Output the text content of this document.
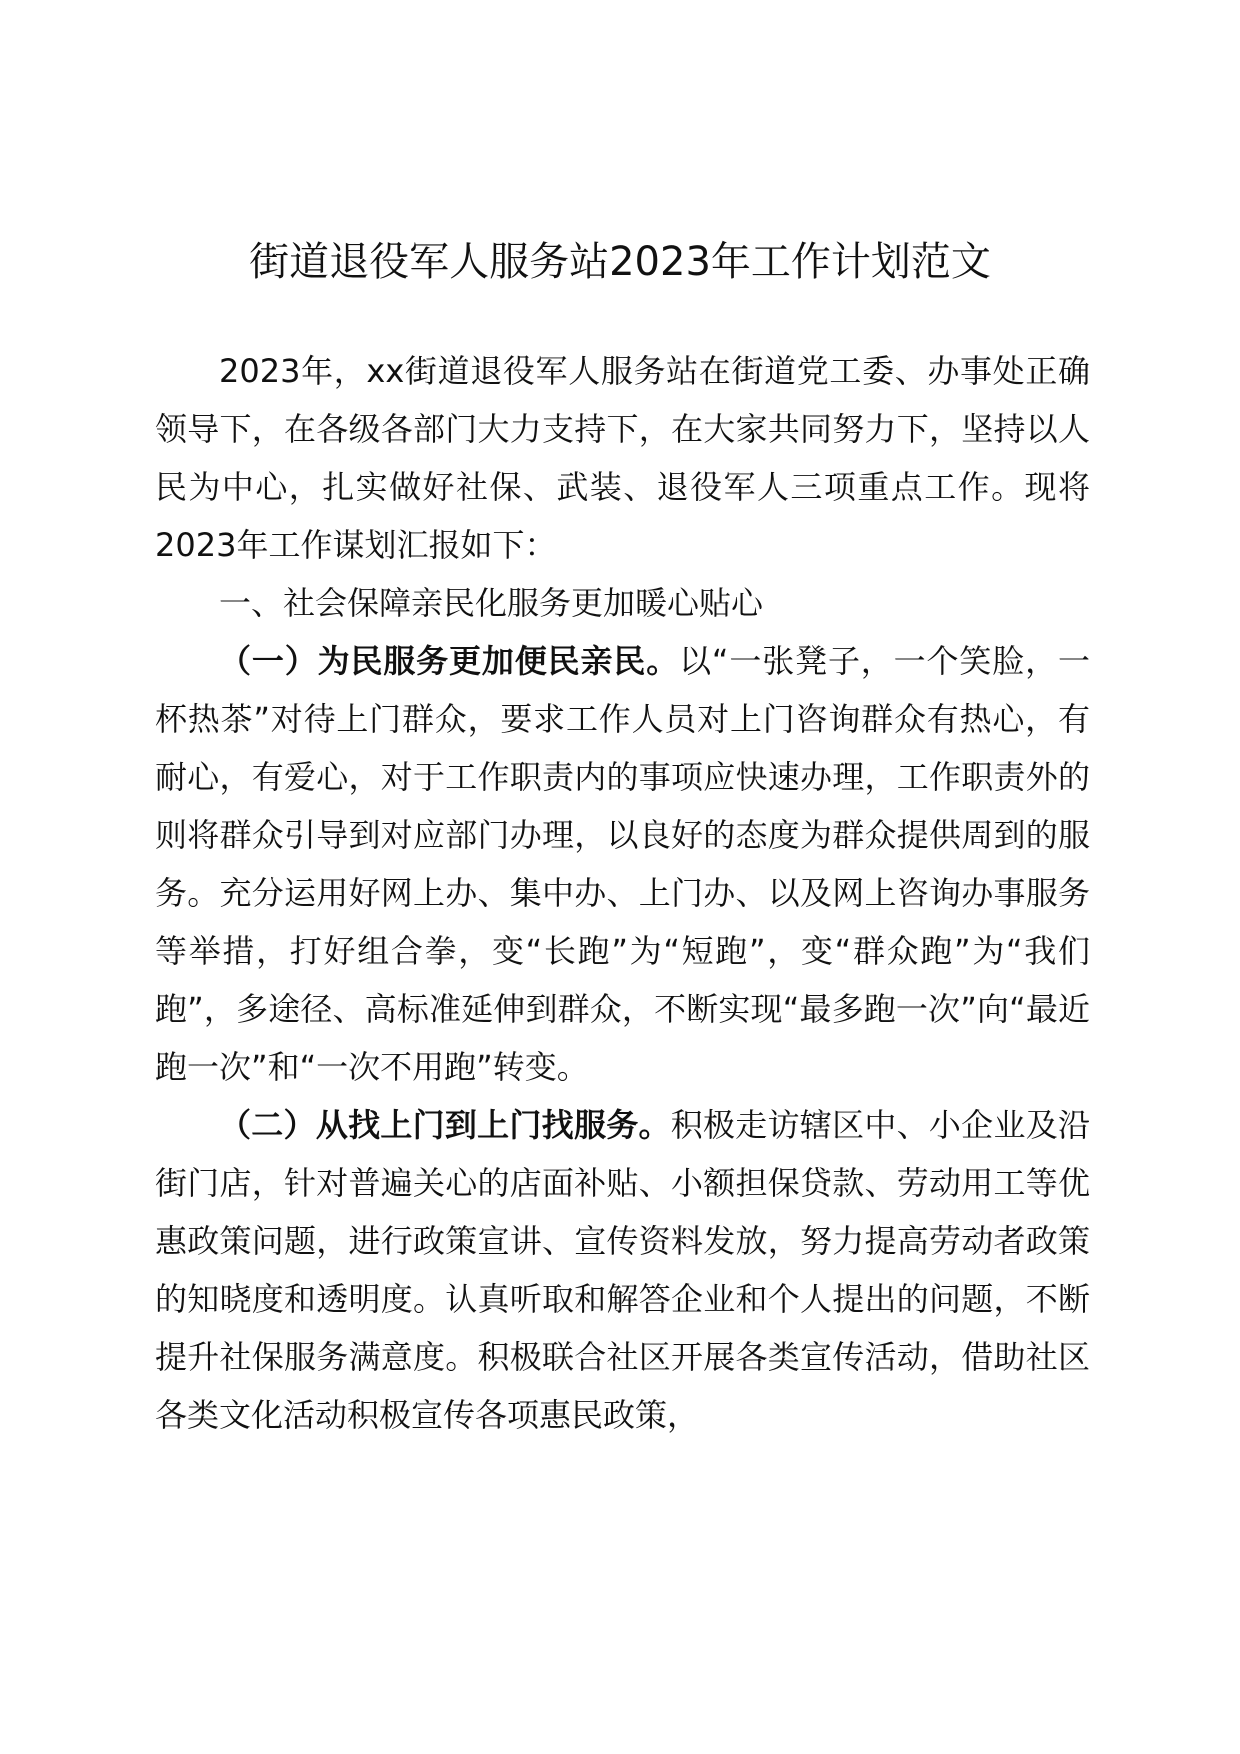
街道退役军人服务站2023年工作计划范文

2023年，xx街道退役军人服务站在街道党工委、办事处正确领导下，在各级各部门大力支持下，在大家共同努力下，坚持以人民为中心，扎实做好社保、武装、退役军人三项重点工作。现将2023年工作谋划汇报如下：

一、社会保障亲民化服务更加暖心贴心

（一）为民服务更加便民亲民。以“一张凳子，一个笑脸，一杯热茶”对待上门群众，要求工作人员对上门咨询群众有热心，有耐心，有爱心，对于工作职责内的事项应快速办理，工作职责外的则将群众引导到对应部门办理，以良好的态度为群众提供周到的服务。充分运用好网上办、集中办、上门办、以及网上咨询办事服务等举措，打好组合拳，变“长跑”为“短跑”，变“群众跑”为“我们跑”，多途径、高标准延伸到群众，不断实现“最多跑一次”向“最近跑一次”和“一次不用跑”转变。

（二）从找上门到上门找服务。积极走访辖区中、小企业及沿街门店，针对普遍关心的店面补贴、小额担保贷款、劳动用工等优惠政策问题，进行政策宣讲、宣传资料发放，努力提高劳动者政策的知晓度和透明度。认真听取和解答企业和个人提出的问题，不断提升社保服务满意度。积极联合社区开展各类宣传活动，借助社区各类文化活动积极宣传各项惠民政策，
